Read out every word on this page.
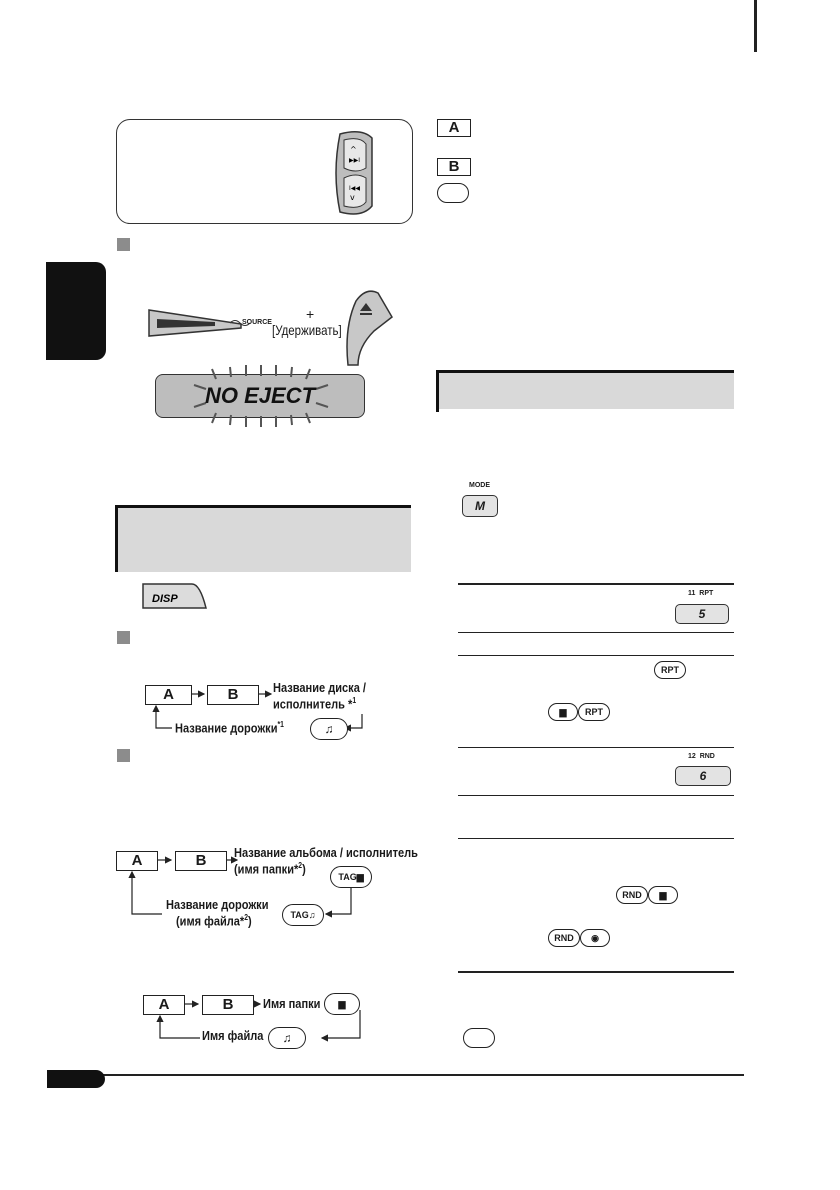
^
▶▶I
I◀◀
v
SOURCE
+
[Удерживать]
NO EJECT
DISP
A	B	Название диска /
исполнитель *$^1$
Название дорожки$^{*1}$	♫
A	B	Название альбома / исполнитель
(имя папки*$^2$)
TAG▆
Название дорожки
(имя файла*$^2$)	TAG♫
A	B	Имя папки	▆
Имя файла	♫
A
B
MODE
M
11 RPT
5
RPT
▆	RPT
12 RND
6
RND	▆
RND	◉
